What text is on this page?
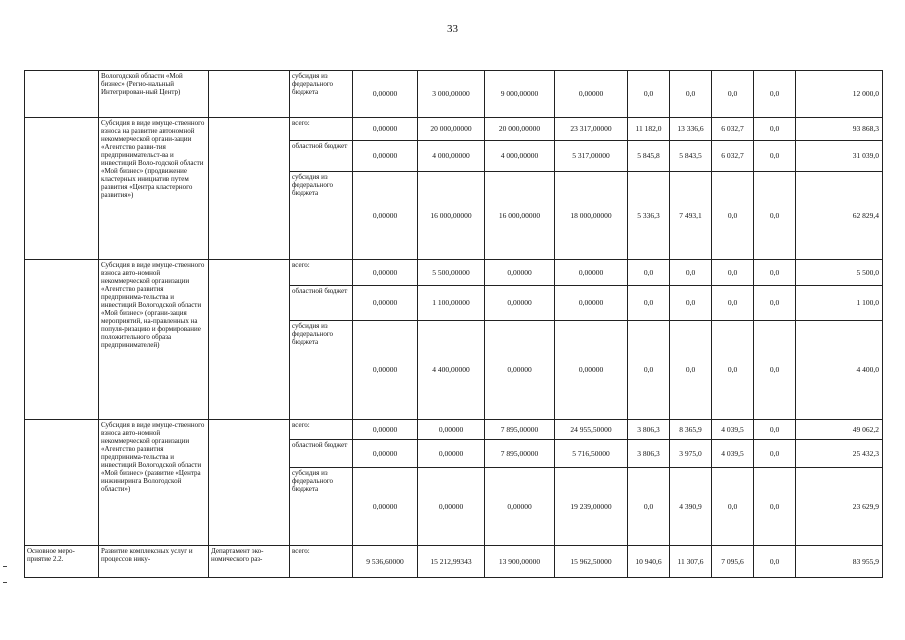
33
	Вологодской области «Мой бизнес» (Регио-нальный Интегрирован-ный Центр)		субсидия из федерального бюджета	0,00000	3 000,00000	9 000,00000	0,00000	0,0	0,0	0,0	0,0	12 000,0
	Субсидия в виде имуще-ственного взноса на развитие автономной некоммерческой органи-зации «Агентство разви-тия предпринимательст-ва и инвестиций Воло-годской области «Мой бизнес» (продвижение кластерных инициатив путем развития «Центра кластерного развития»)		всего:	0,00000	20 000,00000	20 000,00000	23 317,00000	11 182,0	13 336,6	6 032,7	0,0	93 868,3
			областной бюджет	0,00000	4 000,00000	4 000,00000	5 317,00000	5 845,8	5 843,5	6 032,7	0,0	31 039,0
			субсидия из федерального бюджета	0,00000	16 000,00000	16 000,00000	18 000,00000	5 336,3	7 493,1	0,0	0,0	62 829,4
	Субсидия в виде имуще-ственного взноса авто-номной некоммерческой организации «Агентство развития предпринима-тельства и инвестиций Вологодской области «Мой бизнес» (органи-зация мероприятий, на-правленных на популя-ризацию и формирование положительного образа предпринимателей)		всего:	0,00000	5 500,00000	0,00000	0,00000	0,0	0,0	0,0	0,0	5 500,0
			областной бюджет	0,00000	1 100,00000	0,00000	0,00000	0,0	0,0	0,0	0,0	1 100,0
			субсидия из федерального бюджета	0,00000	4 400,00000	0,00000	0,00000	0,0	0,0	0,0	0,0	4 400,0
	Субсидия в виде имуще-ственного взноса авто-номной некоммерческой организации «Агентство развития предпринима-тельства и инвестиций Вологодской области «Мой бизнес» (развитие «Центра инжиниринга Вологодской области»)		всего:	0,00000	0,00000	7 895,00000	24 955,50000	3 806,3	8 365,9	4 039,5	0,0	49 062,2
			областной бюджет	0,00000	0,00000	7 895,00000	5 716,50000	3 806,3	3 975,0	4 039,5	0,0	25 432,3
			субсидия из федерального бюджета	0,00000	0,00000	0,00000	19 239,00000	0,0	4 390,9	0,0	0,0	23 629,9
Основное меро-приятие 2.2.	Развитие комплексных услуг и процессов нику-	Департамент эко-номического раз-	всего:	9 536,60000	15 212,99343	13 900,00000	15 962,50000	10 940,6	11 307,6	7 095,6	0,0	83 955,9
